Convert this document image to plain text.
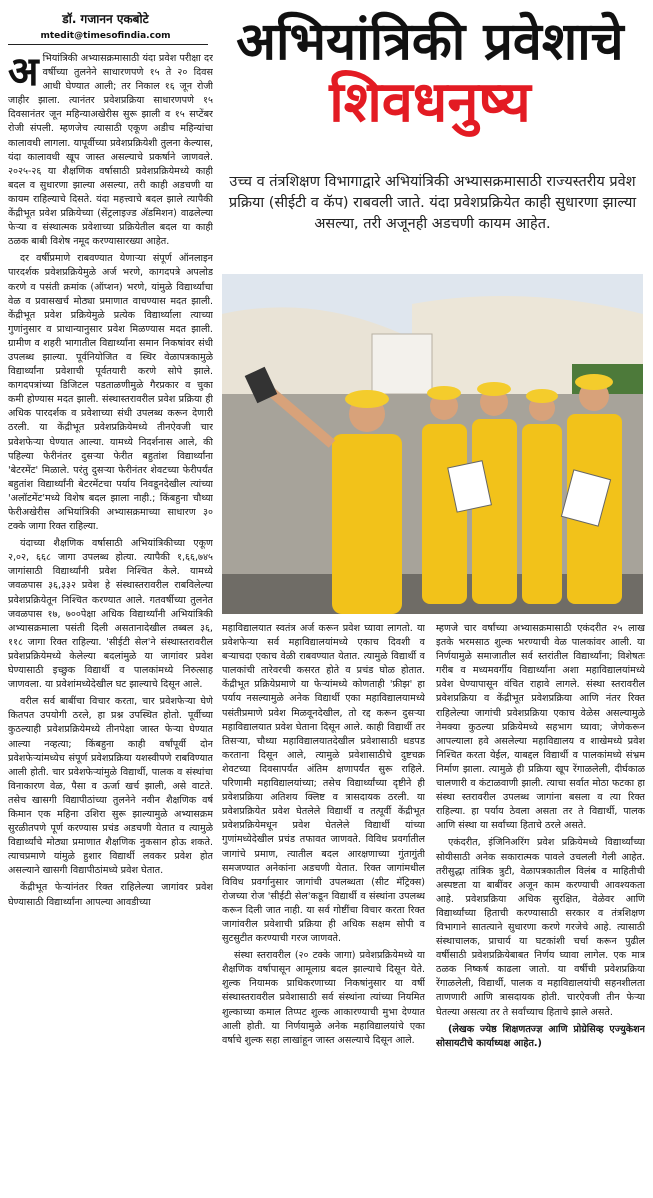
डॉ. गजानन एकबोटे
mtedit@timesofindia.com	अभियांत्रिकी प्रवेशाचे
शिवधनुष्य
उच्च व तंत्रशिक्षण विभागाद्वारे अभियांत्रिकी अभ्यासक्रमासाठी राज्यस्तरीय प्रवेश प्रक्रिया (सीईटी व कॅप) राबवली जाते. यंदा प्रवेशप्रक्रियेत काही सुधारणा झाल्या असल्या, तरी अजूनही अडचणी कायम आहेत.

अभियांत्रिकी अभ्यासक्रमासाठी यंदा प्रवेश परीक्षा दर वर्षीच्या तुलनेने साधारणपणे १५ ते २० दिवस आधी घेण्यात आली; तर निकाल १६ जून रोजी जाहीर झाला. त्यानंतर प्रवेशप्रक्रिया साधारणपणे १५ दिवसानंतर जून महिन्याअखेरीस सुरू झाली व १५ सप्टेंबर रोजी संपली. म्हणजेच त्यासाठी एकूण अडीच महिन्यांचा कालावधी लागला. यापूर्वीच्या प्रवेशप्रक्रियेशी तुलना केल्यास, यंदा कालावधी खूप जास्त असल्याचे प्रकर्षाने जाणवले. २०२५-२६ या शैक्षणिक वर्षासाठी प्रवेशप्रक्रियेमध्ये काही बदल व सुधारणा झाल्या असल्या, तरी काही अडचणी या कायम राहिल्याचे दिसते. यंदा महत्त्वाचे बदल झाले त्यापैकी केंद्रीभूत प्रवेश प्रक्रियेच्या (सेंट्रलाइज्ड ॲडमिशन) वाढलेल्या फेऱ्या व संस्थात्मक प्रवेशाच्या प्रक्रियेतील बदल या काही ठळक बाबी विशेष नमूद करण्यासारख्या आहेत.

दर वर्षीप्रमाणे राबवण्यात येणाऱ्या संपूर्ण ऑनलाइन पारदर्शक प्रवेशप्रक्रियेमुळे अर्ज भरणे, कागदपत्रे अपलोड करणे व पसंती क्रमांक (ऑप्शन) भरणे, यांमुळे विद्यार्थ्यांचा वेळ व प्रवासखर्च मोठ्या प्रमाणात वाचण्यास मदत झाली. केंद्रीभूत प्रवेश प्रक्रियेमुळे प्रत्येक विद्यार्थ्याला त्याच्या गुणांनुसार व प्राधान्यानुसार प्रवेश मिळण्यास मदत झाली. ग्रामीण व शहरी भागातील विद्यार्थ्यांना समान निकषांवर संधी उपलब्ध झाल्या. पूर्वनियोजित व स्थिर वेळापत्रकामुळे विद्यार्थ्यांना प्रवेशाची पूर्वतयारी करणे सोपे झाले. कागदपत्रांच्या डिजिटल पडताळणीमुळे गैरप्रकार व चुका कमी होण्यास मदत झाली. संस्थास्तरावरील प्रवेश प्रक्रिया ही अधिक पारदर्शक व प्रवेशाच्या संधी उपलब्ध करून देणारी ठरली. या केंद्रीभूत प्रवेशप्रक्रियेमध्ये तीनऐवजी चार प्रवेशफेऱ्या घेण्यात आल्या. यामध्ये निदर्शनास आले, की पहिल्या फेरीनंतर दुसऱ्या फेरीत बहुतांश विद्यार्थ्यांना 'बेटरमेंट' मिळाले. परंतु दुसऱ्या फेरीनंतर शेवटच्या फेरीपर्यंत बहुतांश विद्यार्थ्यांनी बेटरमेंटचा पर्याय निवडूनदेखील त्यांच्या 'अलॉटमेंट'मध्ये विशेष बदल झाला नाही.; किंबहुना चौथ्या फेरीअखेरीस अभियांत्रिकी अभ्यासक्रमाच्या साधारण ३० टक्के जागा रिक्त राहिल्या.

यंदाच्या शैक्षणिक वर्षासाठी अभियांत्रिकीच्या एकूण २,०२, ६६८ जागा उपलब्ध होत्या. त्यापैकी १,६६,७४५ जागांसाठी विद्यार्थ्यांनी प्रवेश निश्चित केले. यामध्ये जवळपास ३६,३३२ प्रवेश हे संस्थास्तरावरील राबविलेल्या प्रवेशप्रक्रियेतून निश्चित करण्यात आले. गतवर्षीच्या तुलनेत जवळपास १७, ७००पेक्षा अधिक विद्यार्थ्यांनी अभियांत्रिकी अभ्यासक्रमाला पसंती दिली असतानादेखील तब्बल ३६, ११८ जागा रिक्त राहिल्या. 'सीईटी सेल'ने संस्थास्तरावरील प्रवेशप्रक्रियेमध्ये केलेल्या बदलांमुळे या जागांवर प्रवेश घेण्यासाठी इच्छुक विद्यार्थी व पालकांमध्ये निरुत्साह जाणवला. या प्रवेशांमध्येदेखील घट झाल्याचे दिसून आले.

वरील सर्व बाबींचा विचार करता, चार प्रवेशफेऱ्या घेणे कितपत उपयोगी ठरले, हा प्रश्न उपस्थित होतो. पूर्वीच्या कुठल्याही प्रवेशप्रक्रियेमध्ये तीनपेक्षा जास्त फेऱ्या घेण्यात आल्या नव्हत्या; किंबहुना काही वर्षांपूर्वी दोन प्रवेशफेऱ्यांमध्येच संपूर्ण प्रवेशप्रक्रिया यशस्वीपणे राबविण्यात आली होती. चार प्रवेशफेऱ्यांमुळे विद्यार्थी, पालक व संस्थांचा विनाकारण वेळ, पैसा व ऊर्जा खर्च झाली, असे वाटते. तसेच खासगी विद्यापीठांच्या तुलनेने नवीन शैक्षणिक वर्ष किमान एक महिना उशिरा सुरू झाल्यामुळे अभ्यासक्रम सुरळीतपणे पूर्ण करण्यास प्रचंड अडचणी येतात व त्यामुळे विद्यार्थ्यांचे मोठ्या प्रमाणात शैक्षणिक नुकसान होऊ शकते. त्याचप्रमाणे यांमुळे हुशार विद्यार्थी लवकर प्रवेश होत असल्याने खासगी विद्यापीठांमध्ये प्रवेश घेतात.

केंद्रीभूत फेऱ्यांनंतर रिक्त राहिलेल्या जागांवर प्रवेश घेण्यासाठी विद्यार्थ्यांना आपल्या आवडीच्या

महाविद्यालयात स्वतंत्र अर्ज करून प्रवेश घ्यावा लागतो. या प्रवेशफेऱ्या सर्व महाविद्यालयांमध्ये एकाच दिवशी व बऱ्याचदा एकाच वेळी राबवण्यात येतात. त्यामुळे विद्यार्थी व पालकांची तारेवरची कसरत होते व प्रचंड घोळ होतात. केंद्रीभूत प्रक्रियेप्रमाणे या फेऱ्यांमध्ये कोणताही 'फ्रीझ' हा पर्याय नसल्यामुळे अनेक विद्यार्थी एका महाविद्यालयामध्ये पसंतीप्रमाणे प्रवेश मिळवूनदेखील, तो रद्द करून दुसऱ्या महाविद्यालयात प्रवेश घेताना दिसून आले. काही विद्यार्थी तर तिसऱ्या, चौथ्या महाविद्यालयातदेखील प्रवेशासाठी धडपड करताना दिसून आले, त्यामुळे प्रवेशासाठीचे दुष्टचक्र शेवटच्या दिवसापर्यंत अंतिम क्षणापर्यंत सुरू राहिले. परिणामी महाविद्यालयांच्या; तसेच विद्यार्थ्यांच्या दृष्टीने ही प्रवेशप्रक्रिया अतिशय क्लिष्ट व त्रासदायक ठरली. या प्रवेशप्रक्रियेत प्रवेश घेतलेले विद्यार्थी व तत्पूर्वी केंद्रीभूत प्रवेशप्रक्रियेमधून प्रवेश घेतलेले विद्यार्थी यांच्या गुणांमध्येदेखील प्रचंड तफावत जाणवते. विविध प्रवर्गातील जागांचे प्रमाण, त्यातील बदल आरक्षणाच्या गुंतागुंती समजण्यात अनेकांना अडचणी येतात. रिक्त जागांमधील विविध प्रवर्गानुसार जागांची उपलब्धता (सीट मॅट्रिक्स) रोजच्या रोज 'सीईटी सेल'कडून विद्यार्थी व संस्थांना उपलब्ध करून दिली जात नाही. या सर्व गोष्टींचा विचार करता रिक्त जागांवरील प्रवेशाची प्रक्रिया ही अधिक सक्षम सोपी व सुटसुटीत करण्याची गरज जाणवते.

संस्था स्तरावरील (२० टक्के जागा) प्रवेशप्रक्रियेमध्ये या शैक्षणिक वर्षापासून आमूलाग्र बदल झाल्याचे दिसून येते. शुल्क नियामक प्राधिकरणाच्या निकषांनुसार या वर्षी संस्थास्तरावरील प्रवेशासाठी सर्व संस्थांना त्यांच्या नियमित शुल्काच्या कमाल तिप्पट शुल्क आकारण्याची मुभा देण्यात आली होती. या निर्णयामुळे अनेक महाविद्यालयांचे एका वर्षाचे शुल्क सहा लाखांहून जास्त असल्याचे दिसून आले.

म्हणजे चार वर्षांच्या अभ्यासक्रमासाठी एकंदरीत २५ लाख इतके भरमसाठ शुल्क भरण्याची वेळ पालकांवर आली. या निर्णयामुळे समाजातील सर्व स्तरांतील विद्यार्थ्यांना; विशेषतः गरीब व मध्यमवर्गीय विद्यार्थ्यांना अशा महाविद्यालयांमध्ये प्रवेश घेण्यापासून वंचित राहावे लागले. संस्था स्तरावरील प्रवेशप्रक्रिया व केंद्रीभूत प्रवेशप्रक्रिया आणि नंतर रिक्त राहिलेल्या जागांची प्रवेशप्रक्रिया एकाच वेळेस असल्यामुळे नेमक्या कुठल्या प्रक्रियेमध्ये सहभाग घ्यावा; जेणेकरून आपल्याला हवे असलेल्या महाविद्यालय व शाखेमध्ये प्रवेश निश्चित करता येईल, याबद्दल विद्यार्थी व पालकांमध्ये संभ्रम निर्माण झाला. त्यामुळे ही प्रक्रिया खूप रेंगाळलेली, दीर्घकाळ चालणारी व कंटाळवाणी झाली. त्याचा सर्वात मोठा फटका हा संस्था स्तरावरील उपलब्ध जागांना बसला व त्या रिक्त राहिल्या. हा पर्याय ठेवला असता तर ते विद्यार्थी, पालक आणि संस्था या सर्वांच्या हिताचे ठरले असते.

एकंदरीत, इंजिनिअरिंग प्रवेश प्रक्रियेमध्ये विद्यार्थ्यांच्या सोयीसाठी अनेक सकारात्मक पावले उचलली गेली आहेत. तरीसुद्धा तांत्रिक त्रुटी, वेळापत्रकातील विलंब व माहितीची अस्पष्टता या बाबींवर अजून काम करण्याची आवश्यकता आहे. प्रवेशप्रक्रिया अधिक सुरक्षित, वेळेवर आणि विद्यार्थ्यांच्या हिताची करण्यासाठी सरकार व तंत्रशिक्षण विभागाने सातत्याने सुधारणा करणे गरजेचे आहे. त्यासाठी संस्थाचालक, प्राचार्य या घटकांशी चर्चा करून पुढील वर्षीसाठी प्रवेशप्रक्रियेबाबत निर्णय घ्यावा लागेल. एक मात्र ठळक निष्कर्ष काढला जातो. या वर्षीची प्रवेशप्रक्रिया रेंगाळलेली, विद्यार्थी, पालक व महाविद्यालयांची सहनशीलता ताणणारी आणि त्रासदायक होती. चारऐवजी तीन फेऱ्या घेतल्या असत्या तर ते सर्वांच्याच हिताचे झाले असते.

(लेखक ज्येष्ठ शिक्षणतज्ज्ञ आणि प्रोग्रेसिव्ह एज्युकेशन सोसायटीचे कार्याध्यक्ष आहेत.)
